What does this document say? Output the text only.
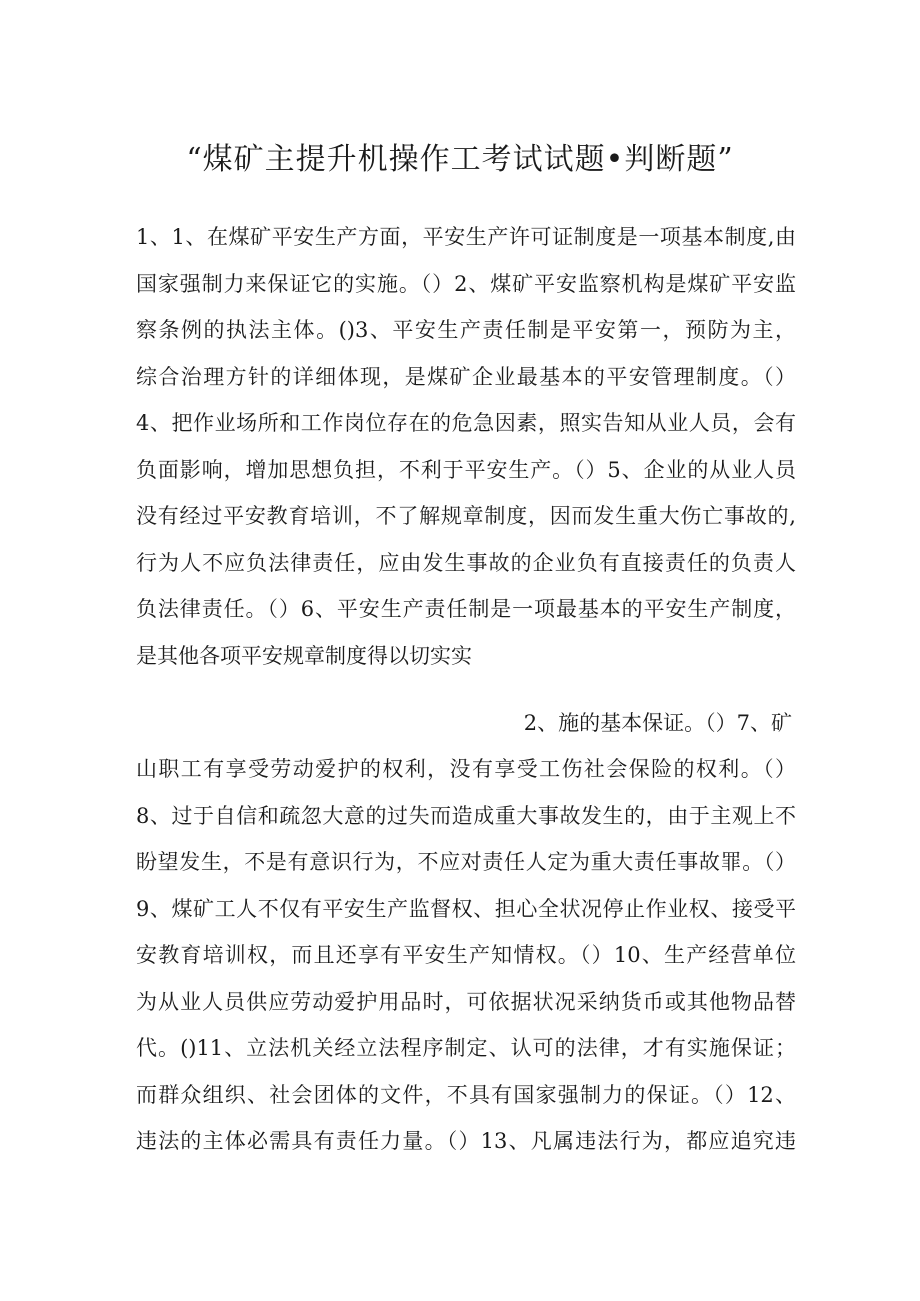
“煤矿主提升机操作工考试试题•判断题”
1、1、在煤矿平安生产方面，平安生产许可证制度是一项基本制度,由
国家强制力来保证它的实施。（）2、煤矿平安监察机构是煤矿平安监
察条例的执法主体。()3、平安生产责任制是平安第一，预防为主，
综合治理方针的详细体现，是煤矿企业最基本的平安管理制度。（）
4、把作业场所和工作岗位存在的危急因素，照实告知从业人员，会有
负面影响，增加思想负担，不利于平安生产。（）5、企业的从业人员
没有经过平安教育培训，不了解规章制度，因而发生重大伤亡事故的,
行为人不应负法律责任，应由发生事故的企业负有直接责任的负责人
负法律责任。（）6、平安生产责任制是一项最基本的平安生产制度，
是其他各项平安规章制度得以切实实
2、施的基本保证。（）7、矿
山职工有享受劳动爱护的权利，没有享受工伤社会保险的权利。（）
8、过于自信和疏忽大意的过失而造成重大事故发生的，由于主观上不
盼望发生，不是有意识行为，不应对责任人定为重大责任事故罪。（）
9、煤矿工人不仅有平安生产监督权、担心全状况停止作业权、接受平
安教育培训权，而且还享有平安生产知情权。（）10、生产经营单位
为从业人员供应劳动爱护用品时，可依据状况采纳货币或其他物品替
代。()11、立法机关经立法程序制定、认可的法律，才有实施保证；
而群众组织、社会团体的文件，不具有国家强制力的保证。（）12、
违法的主体必需具有责任力量。（）13、凡属违法行为，都应追究违
